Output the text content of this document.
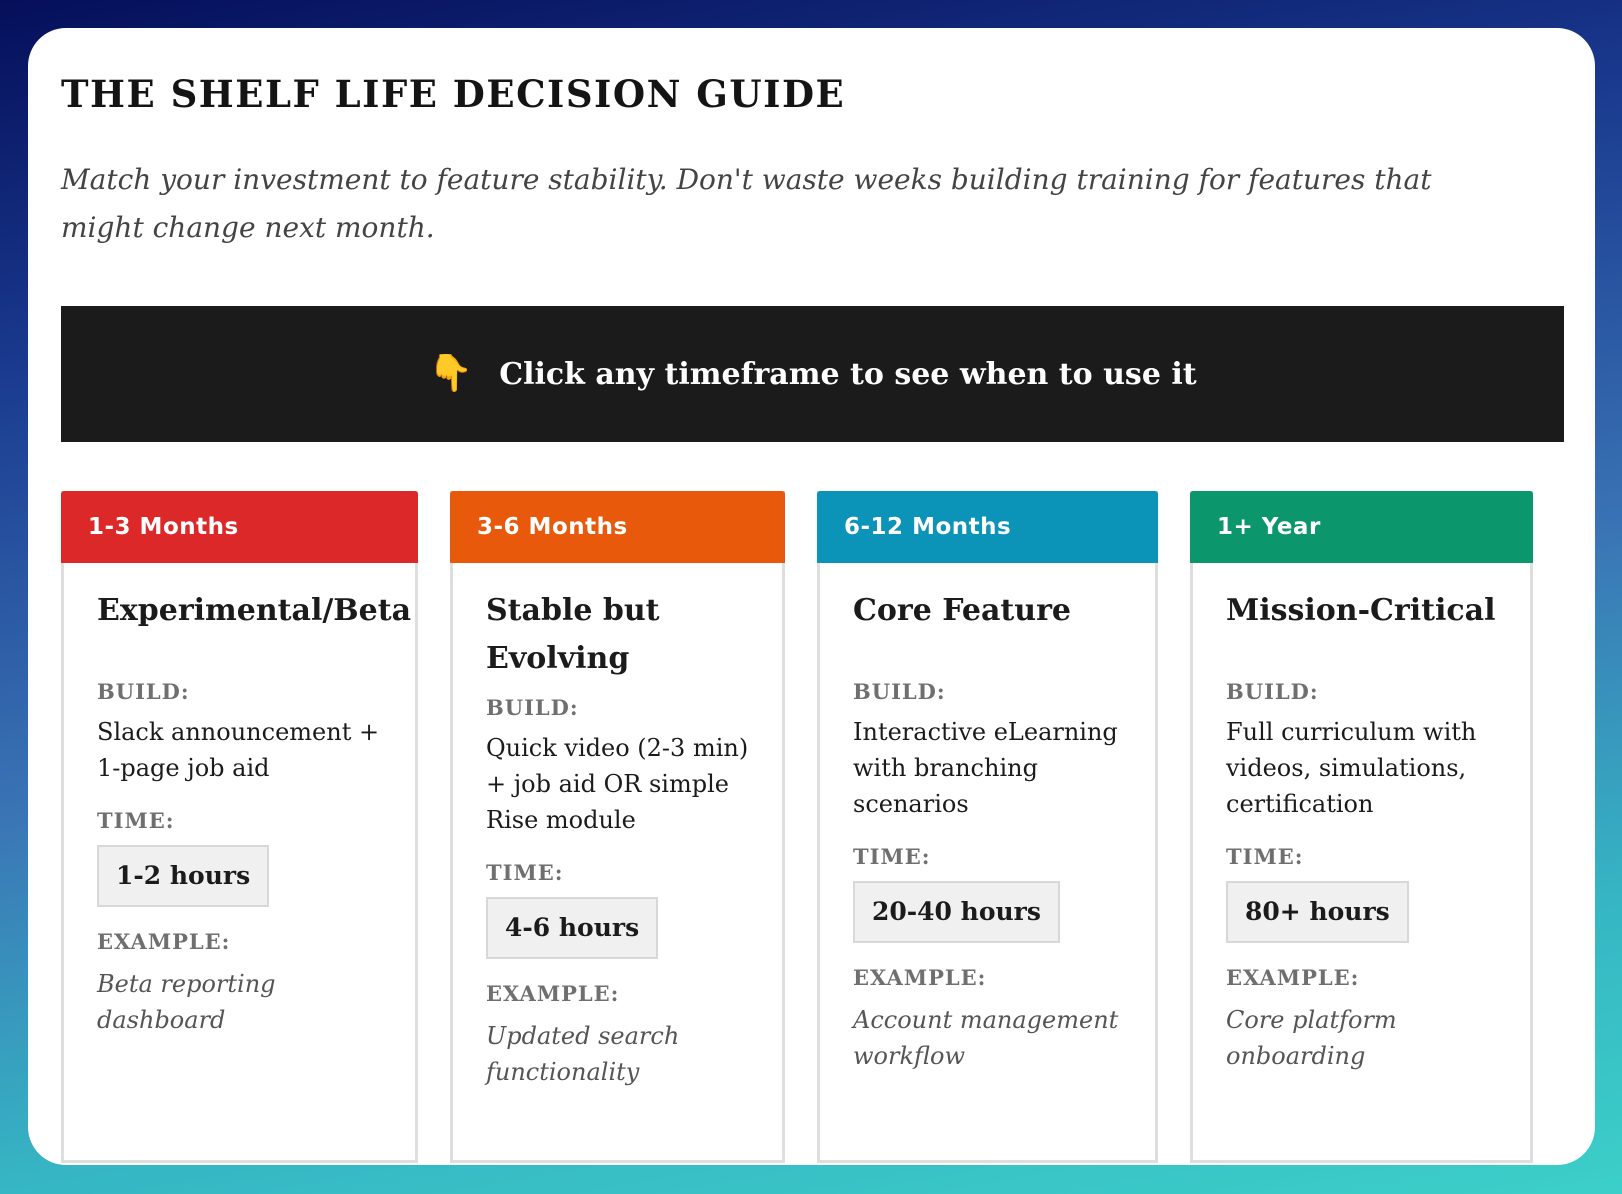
THE SHELF LIFE DECISION GUIDE

Match your investment to feature stability. Don't waste weeks building training for features that might change next month.

👇 Click any timeframe to see when to use it
1-3 Months
Experimental/Beta
BUILD:
Slack announcement + 1-page job aid
TIME:
1-2 hours
EXAMPLE:
Beta reporting dashboard
3-6 Months
Stable but Evolving
BUILD:
Quick video (2-3 min) + job aid OR simple Rise module
TIME:
4-6 hours
EXAMPLE:
Updated search functionality
6-12 Months
Core Feature
BUILD:
Interactive eLearning with branching scenarios
TIME:
20-40 hours
EXAMPLE:
Account management workflow
1+ Year
Mission-Critical
BUILD:
Full curriculum with videos, simulations, certification
TIME:
80+ hours
EXAMPLE:
Core platform onboarding
